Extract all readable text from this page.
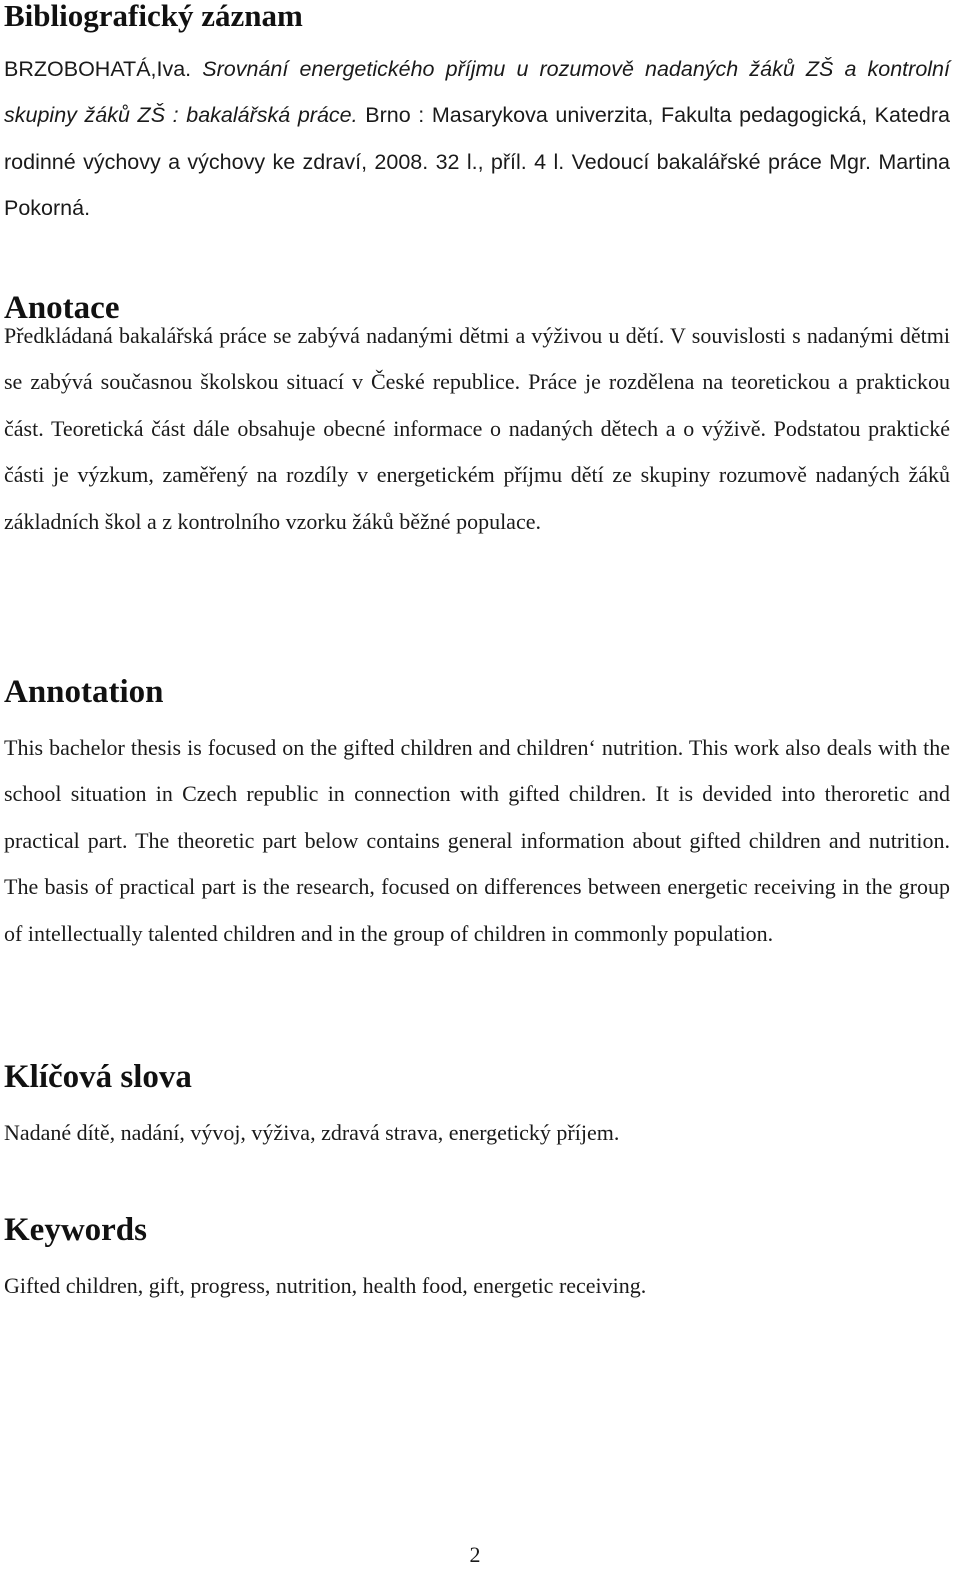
Bibliografický záznam

BRZOBOHATÁ,Iva. Srovnání energetického příjmu u rozumově nadaných žáků ZŠ a kontrolní skupiny žáků ZŠ : bakalářská práce. Brno : Masarykova univerzita, Fakulta pedagogická, Katedra rodinné výchovy a výchovy ke zdraví, 2008. 32 l., příl. 4 l. Vedoucí bakalářské práce Mgr. Martina Pokorná.

Anotace

Předkládaná bakalářská práce se zabývá nadanými dětmi a výživou u dětí. V souvislosti s nadanými dětmi se zabývá současnou školskou situací v České republice. Práce je rozdělena na teoretickou a praktickou část. Teoretická část dále obsahuje obecné informace o nadaných dětech a o výživě. Podstatou praktické části je výzkum, zaměřený na rozdíly v energetickém příjmu dětí ze skupiny rozumově nadaných žáků základních škol a z kontrolního vzorku žáků běžné populace.

Annotation

This bachelor thesis is focused on the gifted children and children‘ nutrition. This work also deals with the school situation in Czech republic in connection with gifted children. It is devided into theroretic and practical part. The theoretic part below contains general information about gifted children and nutrition. The basis of practical part is the research, focused on differences between energetic receiving in the group of intellectually talented children and in the group of children in commonly population.

Klíčová slova

Nadané dítě, nadání, vývoj, výživa, zdravá strava, energetický příjem.

Keywords

Gifted children, gift, progress, nutrition, health food, energetic receiving.

2
